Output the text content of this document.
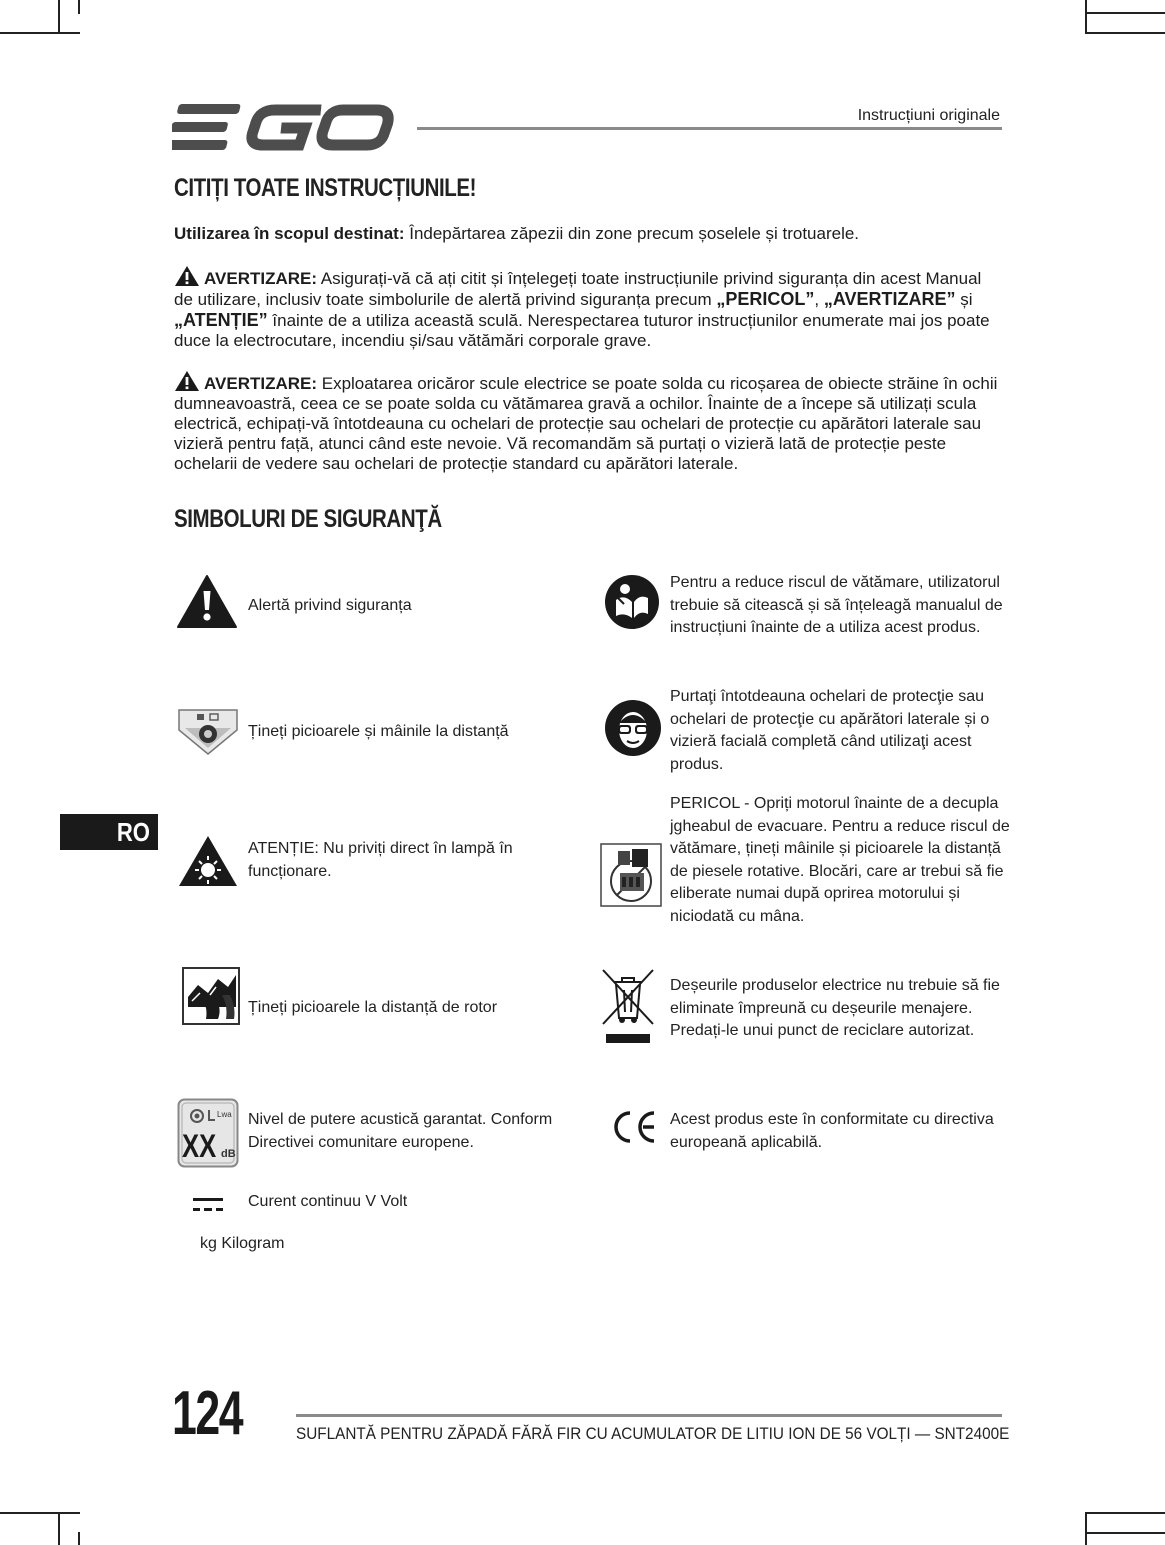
Instrucțiuni originale
CITIȚI TOATE INSTRUCȚIUNILE!
Utilizarea în scopul destinat: Îndepărtarea zăpezii din zone precum șoselele și trotuarele.
AVERTIZARE: Asigurați-vă că ați citit și înțelegeți toate instrucțiunile privind siguranța din acest Manual de utilizare, inclusiv toate simbolurile de alertă privind siguranța precum „PERICOL”, „AVERTIZARE” și „ATENȚIE” înainte de a utiliza această sculă. Nerespectarea tuturor instrucțiunilor enumerate mai jos poate duce la electrocutare, incendiu și/sau vătămări corporale grave.
AVERTIZARE: Exploatarea oricăror scule electrice se poate solda cu ricoșarea de obiecte străine în ochii dumneavoastră, ceea ce se poate solda cu vătămarea gravă a ochilor. Înainte de a începe să utilizați scula electrică, echipați-vă întotdeauna cu ochelari de protecție sau ochelari de protecție cu apărători laterale sau vizieră pentru față, atunci când este nevoie. Vă recomandăm să purtați o vizieră lată de protecție peste ochelarii de vedere sau ochelari de protecție standard cu apărători laterale.
SIMBOLURI DE SIGURANŢĂ
Alertă privind siguranța
Țineți picioarele și mâinile la distanță
ATENȚIE: Nu priviți direct în lampă în funcționare.
Țineți picioarele la distanță de rotor
Lwa
XX dB
Nivel de putere acustică garantat. Conform Directivei comunitare europene.
Curent continuu V Volt
kg Kilogram
Pentru a reduce riscul de vătămare, utilizatorul trebuie să citească și să înțeleagă manualul de instrucțiuni înainte de a utiliza acest produs.
Purtaţi întotdeauna ochelari de protecţie sau ochelari de protecţie cu apărători laterale și o vizieră facială completă când utilizaţi acest produs.
PERICOL - Opriți motorul înainte de a decupla jgheabul de evacuare. Pentru a reduce riscul de vătămare, țineți mâinile și picioarele la distanță de piesele rotative. Blocări, care ar trebui să fie eliberate numai după oprirea motorului și niciodată cu mâna.
Deșeurile produselor electrice nu trebuie să fie eliminate împreună cu deșeurile menajere. Predați-le unui punct de reciclare autorizat.
Acest produs este în conformitate cu directiva europeană aplicabilă.
RO
124	SUFLANTĂ PENTRU ZĂPADĂ FĂRĂ FIR CU ACUMULATOR DE LITIU ION DE 56 VOLȚI — SNT2400E
